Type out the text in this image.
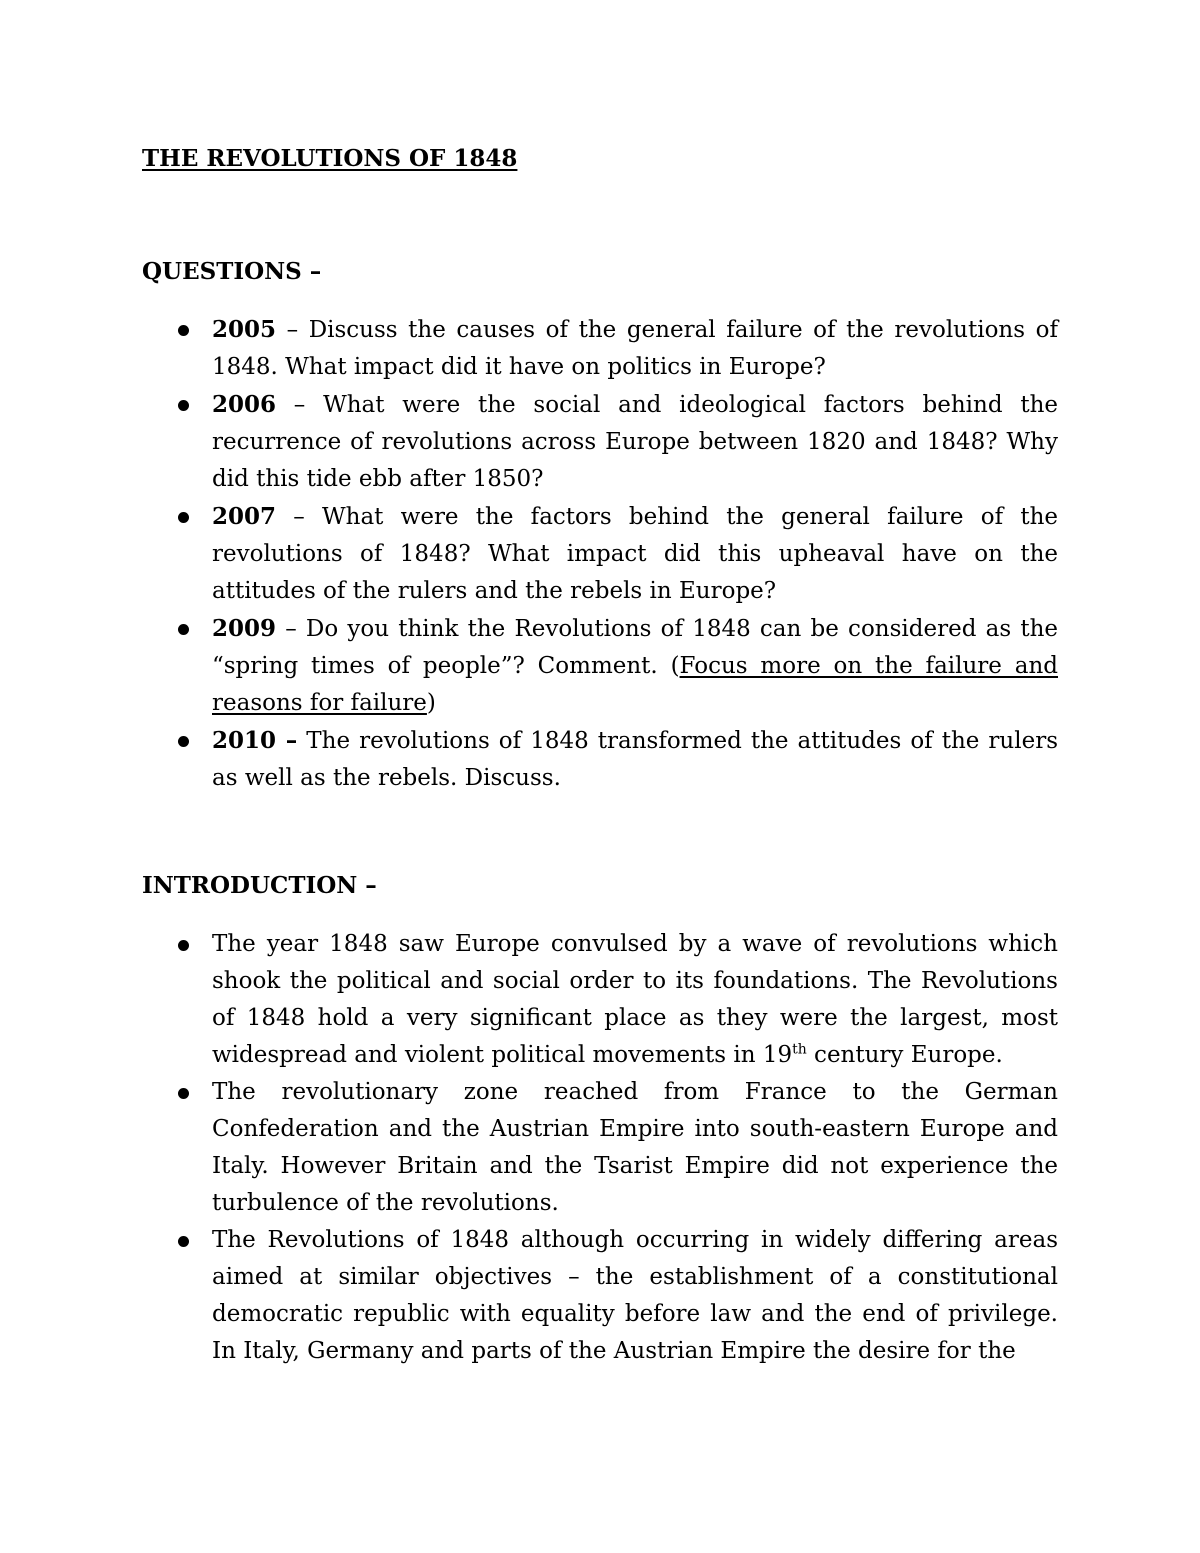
THE REVOLUTIONS OF 1848
QUESTIONS –
2005 – Discuss the causes of the general failure of the revolutions of 1848. What impact did it have on politics in Europe?
2006 – What were the social and ideological factors behind the recurrence of revolutions across Europe between 1820 and 1848? Why did this tide ebb after 1850?
2007 – What were the factors behind the general failure of the revolutions of 1848? What impact did this upheaval have on the attitudes of the rulers and the rebels in Europe?
2009 – Do you think the Revolutions of 1848 can be considered as the “spring times of people”? Comment. (Focus more on the failure and reasons for failure)
2010 – The revolutions of 1848 transformed the attitudes of the rulers as well as the rebels. Discuss.
INTRODUCTION –
The year 1848 saw Europe convulsed by a wave of revolutions which shook the political and social order to its foundations. The Revolutions of 1848 hold a very significant place as they were the largest, most widespread and violent political movements in 19th century Europe.
The revolutionary zone reached from France to the German Confederation and the Austrian Empire into south-eastern Europe and Italy. However Britain and the Tsarist Empire did not experience the turbulence of the revolutions.
The Revolutions of 1848 although occurring in widely differing areas aimed at similar objectives – the establishment of a constitutional democratic republic with equality before law and the end of privilege. In Italy, Germany and parts of the Austrian Empire the desire for the
